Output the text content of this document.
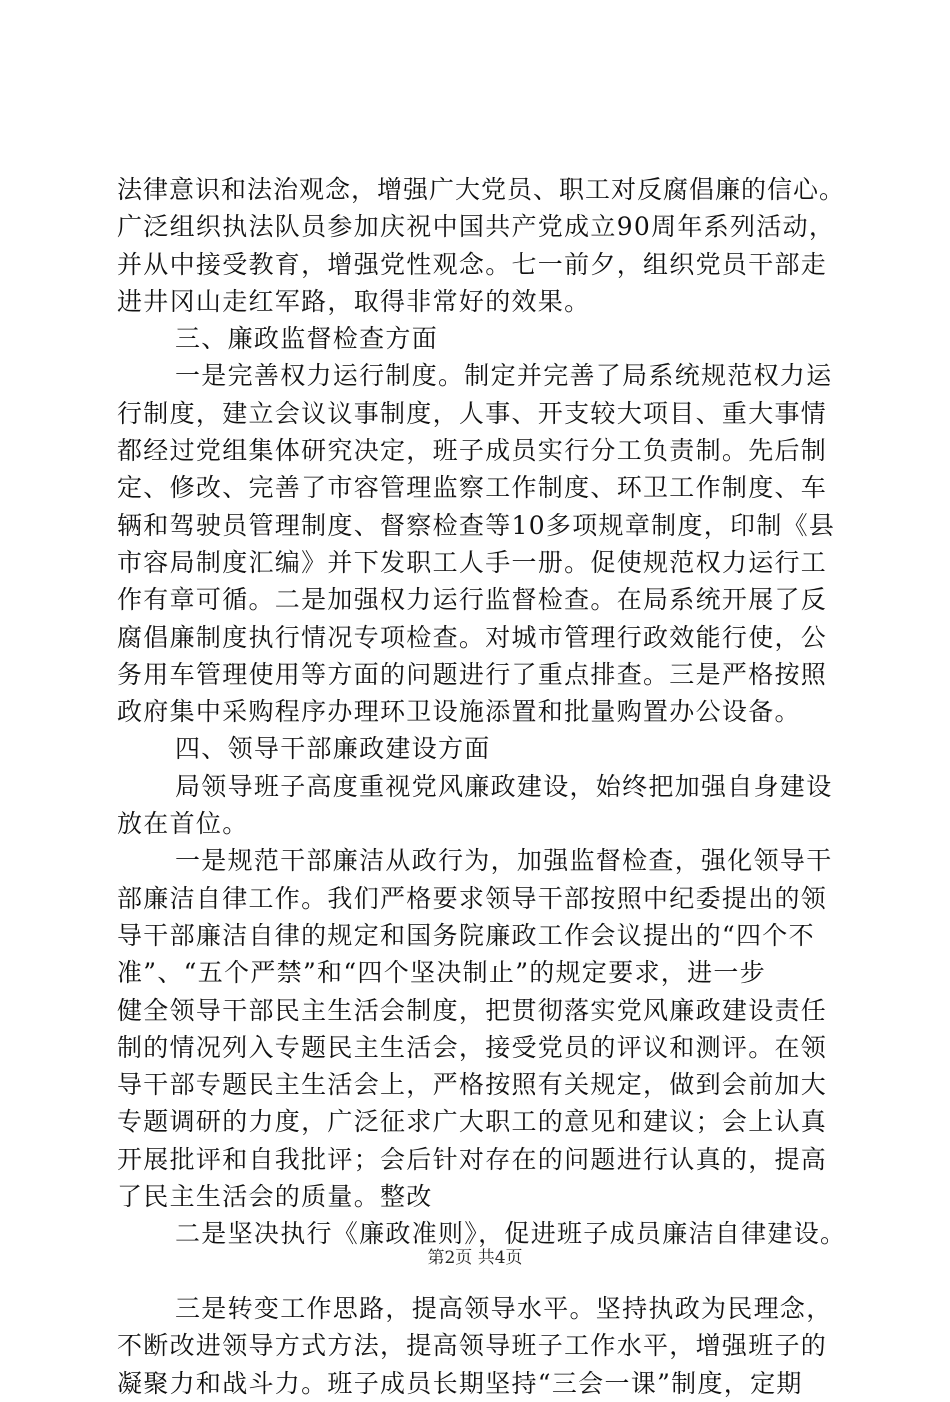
法律意识和法治观念，增强广大党员、职工对反腐倡廉的信心。
广泛组织执法队员参加庆祝中国共产党成立90周年系列活动，
并从中接受教育，增强党性观念。七一前夕，组织党员干部走
进井冈山走红军路，取得非常好的效果。
三、廉政监督检查方面
一是完善权力运行制度。制定并完善了局系统规范权力运
行制度，建立会议议事制度，人事、开支较大项目、重大事情
都经过党组集体研究决定，班子成员实行分工负责制。先后制
定、修改、完善了市容管理监察工作制度、环卫工作制度、车
辆和驾驶员管理制度、督察检查等10多项规章制度，印制《县
市容局制度汇编》并下发职工人手一册。促使规范权力运行工
作有章可循。二是加强权力运行监督检查。在局系统开展了反
腐倡廉制度执行情况专项检查。对城市管理行政效能行使，公
务用车管理使用等方面的问题进行了重点排查。三是严格按照
政府集中采购程序办理环卫设施添置和批量购置办公设备。
四、领导干部廉政建设方面
局领导班子高度重视党风廉政建设，始终把加强自身建设
放在首位。
一是规范干部廉洁从政行为，加强监督检查，强化领导干
部廉洁自律工作。我们严格要求领导干部按照中纪委提出的领
导干部廉洁自律的规定和国务院廉政工作会议提出的“四个不
准”、“五个严禁”和“四个坚决制止”的规定要求，进一步
健全领导干部民主生活会制度，把贯彻落实党风廉政建设责任
制的情况列入专题民主生活会，接受党员的评议和测评。在领
导干部专题民主生活会上，严格按照有关规定，做到会前加大
专题调研的力度，广泛征求广大职工的意见和建议；会上认真
开展批评和自我批评；会后针对存在的问题进行认真的，提高
了民主生活会的质量。整改
二是坚决执行《廉政准则》，促进班子成员廉洁自律建设。
三是转变工作思路，提高领导水平。坚持执政为民理念，
不断改进领导方式方法，提高领导班子工作水平，增强班子的
凝聚力和战斗力。班子成员长期坚持“三会一课”制度，定期
第2页 共4页
